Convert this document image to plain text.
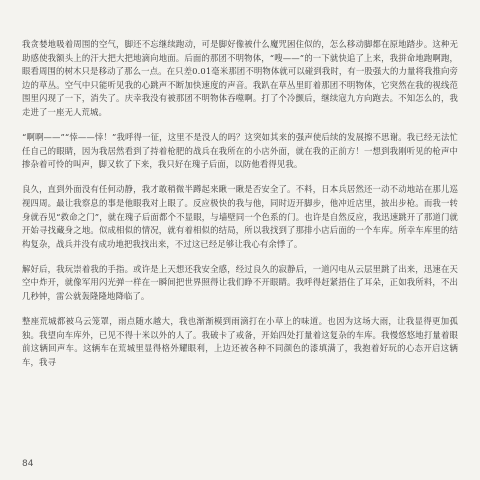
我贪婪地吸着周围的空气，脚还不忘继续跑动，可是脚好像被什么魔咒困住似的，怎么移动脚都在原地踏步。这种无助感使我额头上的汗大把大把地滴向地面。后面的那团不明物体，“嗖——”的一下就快追了上来，我拼命地跑啊跑，眼看周围的树木只是移动了那么一点。在只差0.01毫米那团不明物体就可以碰到我时，有一股强大的力量将我推向旁边的草丛。空气中只能听见我的心跳声不断加快速度的声音。我趴在草丛里盯着那团不明物体，它突然在我的视线范围里闪现了一下，消失了。庆幸我没有被那团不明物体吞噬啊。打了个冷颤后，继续寇九方向跑去。不知怎么的，我走进了一座无人荒城。

“啊啊——”“悻——悻！”我呼得一征，这里不是没人的吗？这突如其来的强声使后续的发展擦不思谢。我已经无法忙任自己的眼睛，因为我居然看到了持着枪肥的战兵在我所在的小店外面，就在我的正前方！一想到我刚听见的枪声中掺杂着可怜的叫声，脚又软了下来，我只好在瑰子后面，以防他看得见我。

良久，直到外面没有任何动静，我才敢稍微半蹲起来瞅一瞅是否安全了。不料，日本兵居然还一动不动地站在那儿巡视四周。最让我察息的事是他眼我对上眼了。反应极快的我与他，同时迈开脚步，他冲近店里，披出步枪。而我一转身就吞见“救命之门”，就在瑰子后面都个不显眼，与墙壁同一个色系的门。也许是自然反应，我迅速跳开了那道门就开始寻找藏身之地。似成相似的情况，就有着相似的结局，所以我找到了那排小店后面的一个车库。所幸车库里的结构复杂，战兵并没有成功地把我找出来，不过这已经足够让我心有余悸了。

解好后，我玩崇着我的手指。或许是上天想还我安全感，经过良久的寂静后，一道闪电从云层里跳了出来，迅速在天空中炸开，就像军用闪光弹一样在一瞬间把世界照得让我们睁不开眼睛。我呼得赶紧捂住了耳朵，正如我所料，不出几秒钟，雷公就轰隆隆地降临了。

整座荒城都被乌云笼罩，雨点随水越大，我也渐渐模到雨滴打在小草上的味道。也因为这场大雨，让我显得更加孤独。我望向车库外，已见不得十米以外的人了。我破卡了戒备，开始四处打量着这复杂的车库。我慢悠悠地打量着眼前这辆回声车。这辆车在荒城里显得格外耀眼利，上边还被各种不同颜色的漆填满了，我抱着好玩的心态开启这辆车，我寻

84
